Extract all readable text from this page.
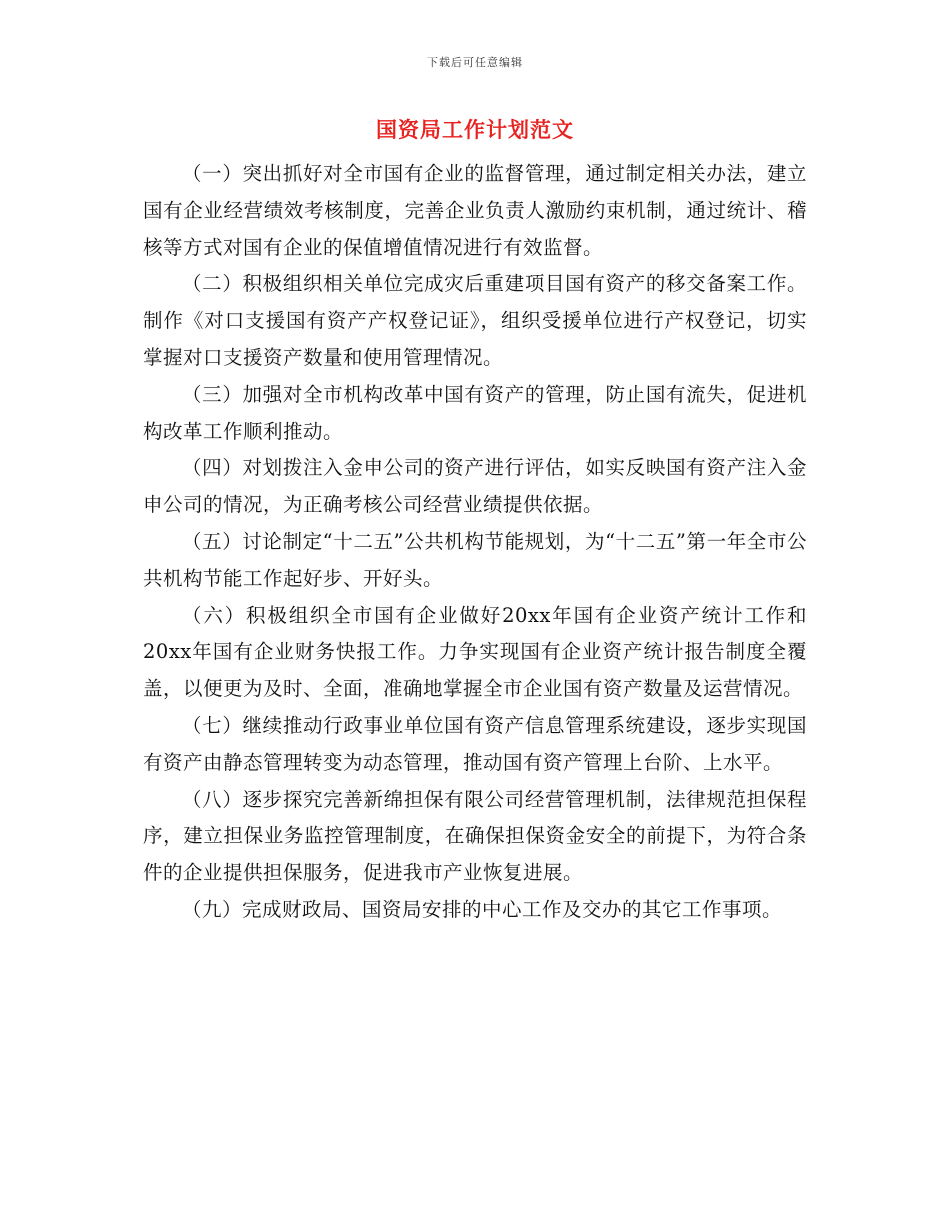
下载后可任意编辑
国资局工作计划范文

（一）突出抓好对全市国有企业的监督管理，通过制定相关办法，建立国有企业经营绩效考核制度，完善企业负责人激励约束机制，通过统计、稽核等方式对国有企业的保值增值情况进行有效监督。

（二）积极组织相关单位完成灾后重建项目国有资产的移交备案工作。制作《对口支援国有资产产权登记证》，组织受援单位进行产权登记，切实掌握对口支援资产数量和使用管理情况。

（三）加强对全市机构改革中国有资产的管理，防止国有流失，促进机构改革工作顺利推动。

（四）对划拨注入金申公司的资产进行评估，如实反映国有资产注入金申公司的情况，为正确考核公司经营业绩提供依据。

（五）讨论制定“十二五”公共机构节能规划，为“十二五”第一年全市公共机构节能工作起好步、开好头。

（六）积极组织全市国有企业做好20xx年国有企业资产统计工作和20xx年国有企业财务快报工作。力争实现国有企业资产统计报告制度全覆盖，以便更为及时、全面，准确地掌握全市企业国有资产数量及运营情况。

（七）继续推动行政事业单位国有资产信息管理系统建设，逐步实现国有资产由静态管理转变为动态管理，推动国有资产管理上台阶、上水平。

（八）逐步探究完善新绵担保有限公司经营管理机制，法律规范担保程序，建立担保业务监控管理制度，在确保担保资金安全的前提下，为符合条件的企业提供担保服务，促进我市产业恢复进展。

（九）完成财政局、国资局安排的中心工作及交办的其它工作事项。
